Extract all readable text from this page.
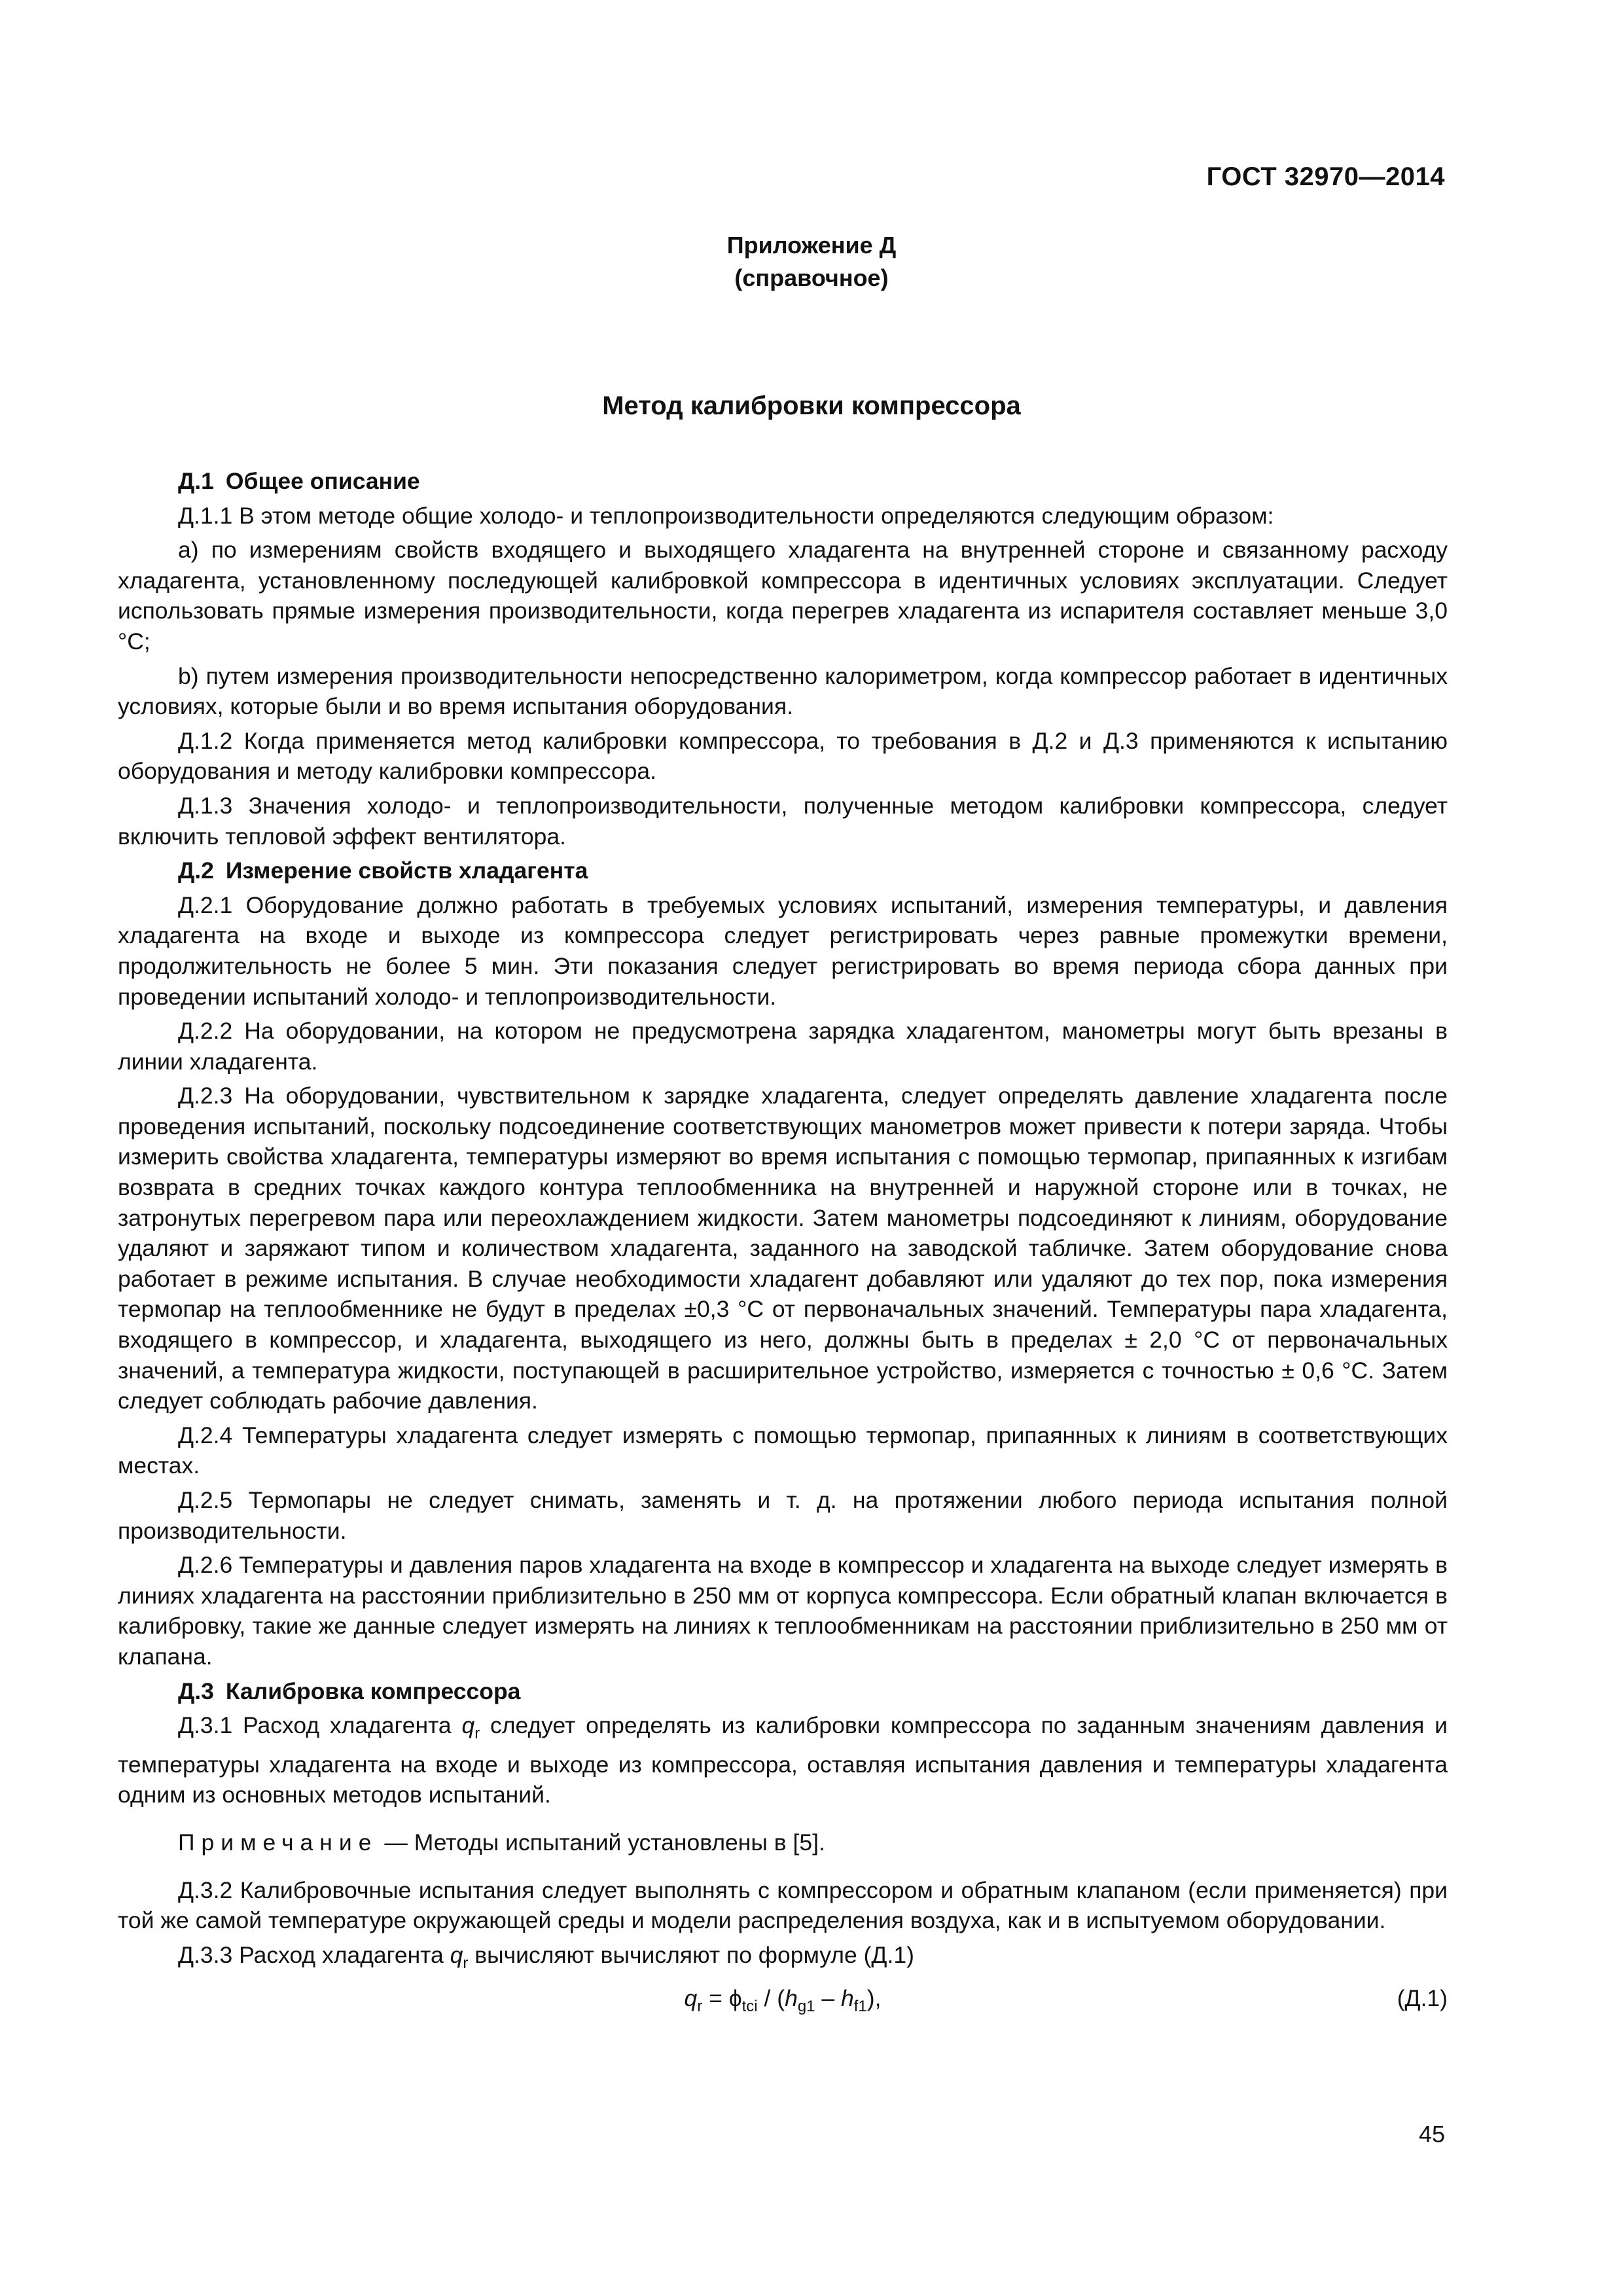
ГОСТ 32970—2014
Приложение Д
(справочное)
Метод калибровки компрессора
Д.1 Общее описание

Д.1.1 В этом методе общие холодо- и теплопроизводительности определяются следующим образом:

а) по измерениям свойств входящего и выходящего хладагента на внутренней стороне и связанному расходу хладагента, установленному последующей калибровкой компрессора в идентичных условиях эксплуатации. Следует использовать прямые измерения производительности, когда перегрев хладагента из испарителя составляет меньше 3,0 °С;

b) путем измерения производительности непосредственно калориметром, когда компрессор работает в идентичных условиях, которые были и во время испытания оборудования.

Д.1.2 Когда применяется метод калибровки компрессора, то требования в Д.2 и Д.3 применяются к испытанию оборудования и методу калибровки компрессора.

Д.1.3 Значения холодо- и теплопроизводительности, полученные методом калибровки компрессора, следует включить тепловой эффект вентилятора.

Д.2 Измерение свойств хладагента

Д.2.1 Оборудование должно работать в требуемых условиях испытаний, измерения температуры, и давления хладагента на входе и выходе из компрессора следует регистрировать через равные промежутки времени, продолжительность не более 5 мин. Эти показания следует регистрировать во время периода сбора данных при проведении испытаний холодо- и теплопроизводительности.

Д.2.2 На оборудовании, на котором не предусмотрена зарядка хладагентом, манометры могут быть врезаны в линии хладагента.

Д.2.3 На оборудовании, чувствительном к зарядке хладагента, следует определять давление хладагента после проведения испытаний, поскольку подсоединение соответствующих манометров может привести к потери заряда. Чтобы измерить свойства хладагента, температуры измеряют во время испытания с помощью термопар, припаянных к изгибам возврата в средних точках каждого контура теплообменника на внутренней и наружной стороне или в точках, не затронутых перегревом пара или переохлаждением жидкости. Затем манометры подсоединяют к линиям, оборудование удаляют и заряжают типом и количеством хладагента, заданного на заводской табличке. Затем оборудование снова работает в режиме испытания. В случае необходимости хладагент добавляют или удаляют до тех пор, пока измерения термопар на теплообменнике не будут в пределах ±0,3 °С от первоначальных значений. Температуры пара хладагента, входящего в компрессор, и хладагента, выходящего из него, должны быть в пределах ± 2,0 °С от первоначальных значений, а температура жидкости, поступающей в расширительное устройство, измеряется с точностью ± 0,6 °С. Затем следует соблюдать рабочие давления.

Д.2.4 Температуры хладагента следует измерять с помощью термопар, припаянных к линиям в соответствующих местах.

Д.2.5 Термопары не следует снимать, заменять и т. д. на протяжении любого периода испытания полной производительности.

Д.2.6 Температуры и давления паров хладагента на входе в компрессор и хладагента на выходе следует измерять в линиях хладагента на расстоянии приблизительно в 250 мм от корпуса компрессора. Если обратный клапан включается в калибровку, такие же данные следует измерять на линиях к теплообменникам на расстоянии приблизительно в 250 мм от клапана.

Д.3 Калибровка компрессора

Д.3.1 Расход хладагента $q_r$ следует определять из калибровки компрессора по заданным значениям давления и температуры хладагента на входе и выходе из компрессора, оставляя испытания давления и температуры хладагента одним из основных методов испытаний.

Примечание — Методы испытаний установлены в [5].

Д.3.2 Калибровочные испытания следует выполнять с компрессором и обратным клапаном (если применяется) при той же самой температуре окружающей среды и модели распределения воздуха, как и в испытуемом оборудовании.

Д.3.3 Расход хладагента $q_r$ вычисляют вычисляют по формуле (Д.1)

$q_r = \phi_{tci} / (h_{g1} - h_{f1})$,	(Д.1)
45
